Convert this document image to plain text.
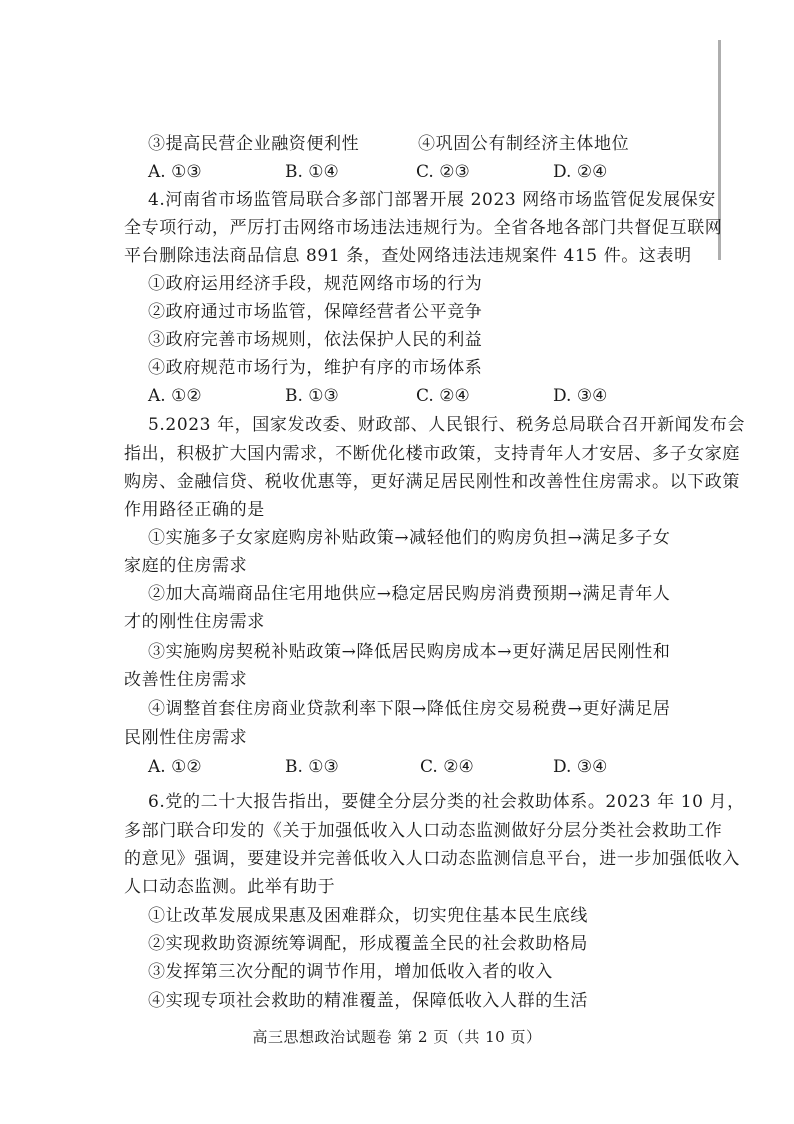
③提高民营企业融资便利性	④巩固公有制经济主体地位
A. ①③	B. ①④	C. ②③	D. ②④
4.河南省市场监管局联合多部门部署开展 2023 网络市场监管促发展保安
全专项行动，严厉打击网络市场违法违规行为。全省各地各部门共督促互联网
平台删除违法商品信息 891 条，查处网络违法违规案件 415 件。这表明
①政府运用经济手段，规范网络市场的行为
②政府通过市场监管，保障经营者公平竞争
③政府完善市场规则，依法保护人民的利益
④政府规范市场行为，维护有序的市场体系
A. ①②	B. ①③	C. ②④	D. ③④
5.2023 年，国家发改委、财政部、人民银行、税务总局联合召开新闻发布会
指出，积极扩大国内需求，不断优化楼市政策，支持青年人才安居、多子女家庭
购房、金融信贷、税收优惠等，更好满足居民刚性和改善性住房需求。以下政策
作用路径正确的是
①实施多子女家庭购房补贴政策→减轻他们的购房负担→满足多子女
家庭的住房需求
②加大高端商品住宅用地供应→稳定居民购房消费预期→满足青年人
才的刚性住房需求
③实施购房契税补贴政策→降低居民购房成本→更好满足居民刚性和
改善性住房需求
④调整首套住房商业贷款利率下限→降低住房交易税费→更好满足居
民刚性住房需求
A. ①②	B. ①③	C. ②④	D. ③④
6.党的二十大报告指出，要健全分层分类的社会救助体系。2023 年 10 月，
多部门联合印发的《关于加强低收入人口动态监测做好分层分类社会救助工作
的意见》强调，要建设并完善低收入人口动态监测信息平台，进一步加强低收入
人口动态监测。此举有助于
①让改革发展成果惠及困难群众，切实兜住基本民生底线
②实现救助资源统筹调配，形成覆盖全民的社会救助格局
③发挥第三次分配的调节作用，增加低收入者的收入
④实现专项社会救助的精准覆盖，保障低收入人群的生活
高三思想政治试题卷 第 2 页（共 10 页）
